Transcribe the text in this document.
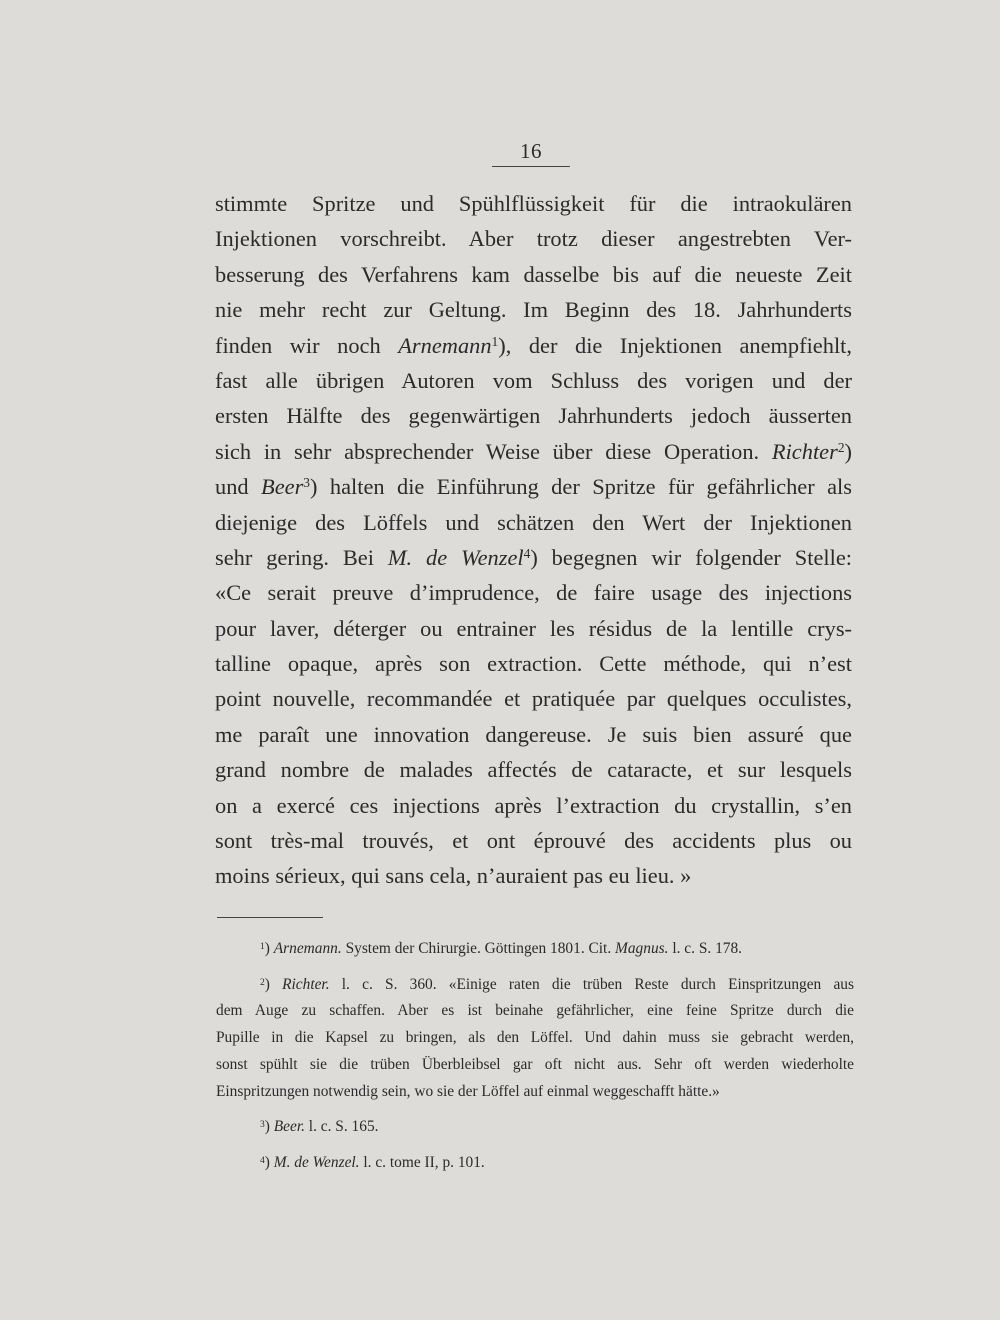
16
stimmte Spritze und Spühlflüssigkeit für die intraokulären
Injektionen vorschreibt. Aber trotz dieser angestrebten Ver-
besserung des Verfahrens kam dasselbe bis auf die neueste Zeit
nie mehr recht zur Geltung. Im Beginn des 18. Jahrhunderts
finden wir noch Arnemann$^1$), der die Injektionen anempfiehlt,
fast alle übrigen Autoren vom Schluss des vorigen und der
ersten Hälfte des gegenwärtigen Jahrhunderts jedoch äusserten
sich in sehr absprechender Weise über diese Operation. Richter$^2$)
und Beer$^3$) halten die Einführung der Spritze für gefährlicher als
diejenige des Löffels und schätzen den Wert der Injektionen
sehr gering. Bei M. de Wenzel$^4$) begegnen wir folgender Stelle:
«Ce serait preuve d’imprudence, de faire usage des injections
pour laver, déterger ou entrainer les résidus de la lentille crys-
talline opaque, après son extraction. Cette méthode, qui n’est
point nouvelle, recommandée et pratiquée par quelques occulistes,
me paraît une innovation dangereuse. Je suis bien assuré que
grand nombre de malades affectés de cataracte, et sur lesquels
on a exercé ces injections après l’extraction du crystallin, s’en
sont très-mal trouvés, et ont éprouvé des accidents plus ou
moins sérieux, qui sans cela, n’auraient pas eu lieu. »
$^1$) Arnemann. System der Chirurgie. Göttingen 1801. Cit. Magnus. l. c. S. 178.
$^2$) Richter. l. c. S. 360. «Einige raten die trüben Reste durch Einspritzungen aus
dem Auge zu schaffen. Aber es ist beinahe gefährlicher, eine feine Spritze durch die
Pupille in die Kapsel zu bringen, als den Löffel. Und dahin muss sie gebracht werden,
sonst spühlt sie die trüben Überbleibsel gar oft nicht aus. Sehr oft werden wiederholte
Einspritzungen notwendig sein, wo sie der Löffel auf einmal weggeschafft hätte.»
$^3$) Beer. l. c. S. 165.
$^4$) M. de Wenzel. l. c. tome II, p. 101.
